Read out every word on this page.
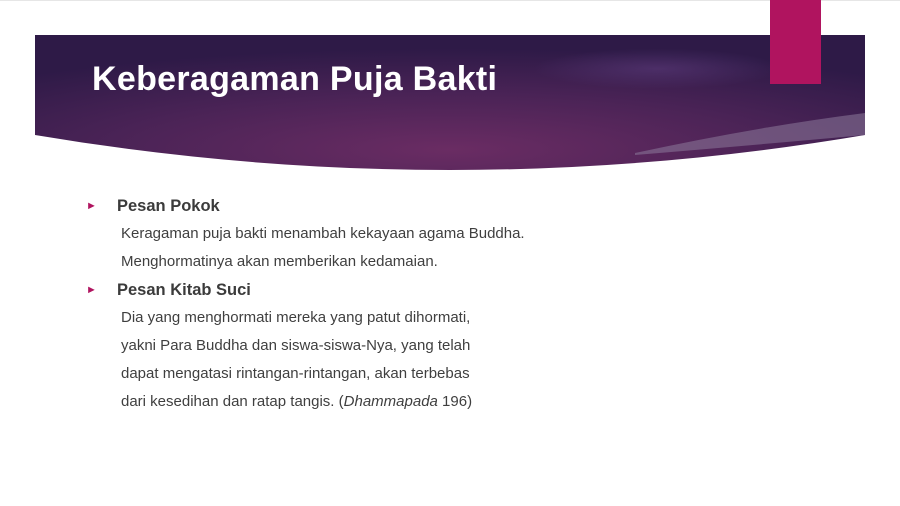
Keberagaman Puja Bakti
► Pesan Pokok
Keragaman puja bakti menambah kekayaan agama Buddha.
Menghormatinya akan memberikan kedamaian.
► Pesan Kitab Suci
Dia yang menghormati mereka yang patut dihormati,
yakni Para Buddha dan siswa-siswa-Nya, yang telah
dapat mengatasi rintangan-rintangan, akan terbebas
dari kesedihan dan ratap tangis. (Dhammapada 196)
